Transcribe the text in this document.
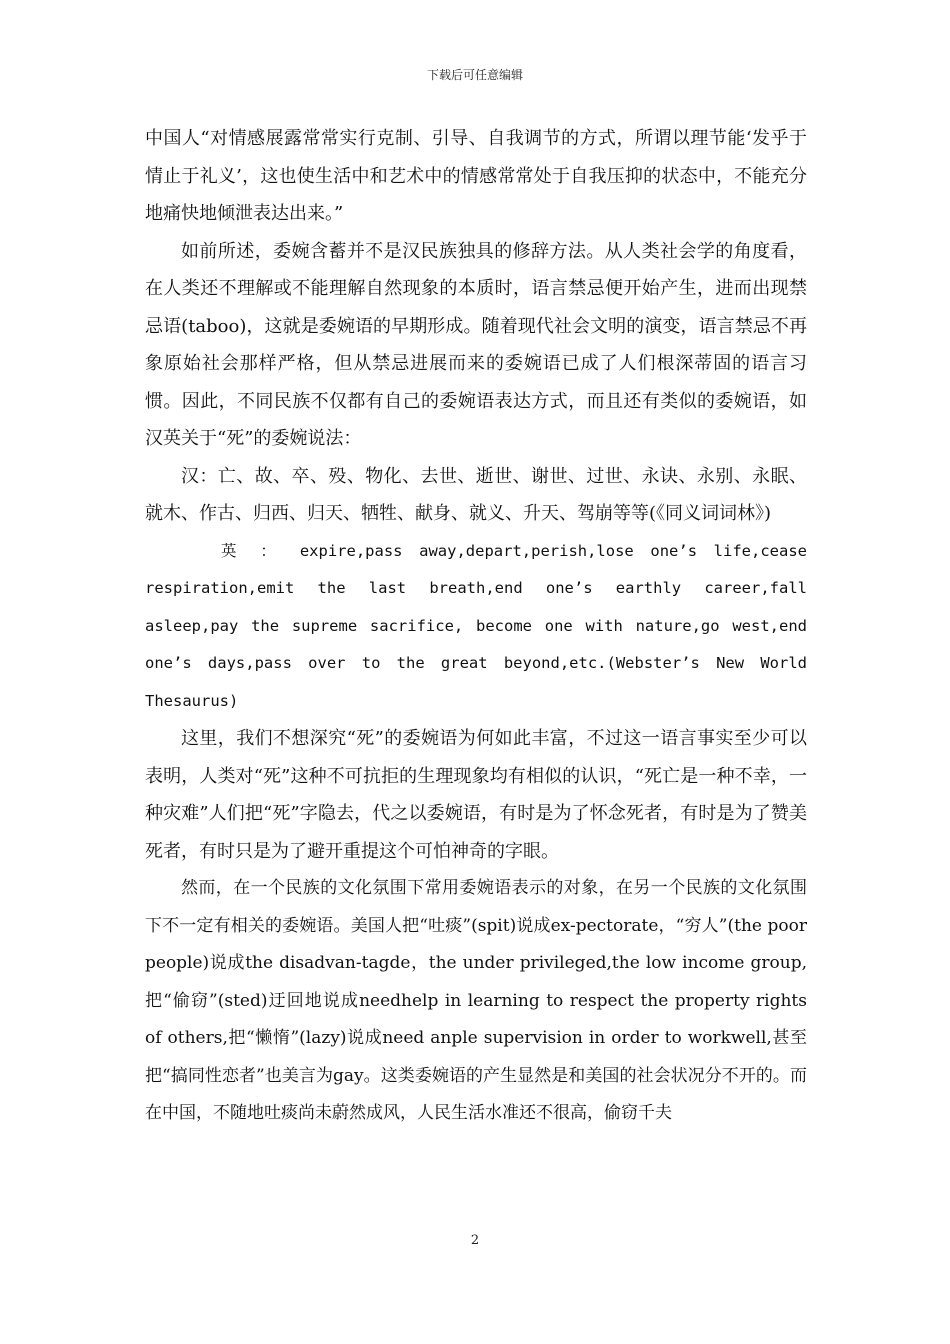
下载后可任意编辑

中国人“对情感展露常常实行克制、引导、自我调节的方式，所谓以理节能‘发乎于情止于礼义’，这也使生活中和艺术中的情感常常处于自我压抑的状态中，不能充分地痛快地倾泄表达出来。”

如前所述，委婉含蓄并不是汉民族独具的修辞方法。从人类社会学的角度看，在人类还不理解或不能理解自然现象的本质时，语言禁忌便开始产生，进而出现禁忌语(taboo)，这就是委婉语的早期形成。随着现代社会文明的演变，语言禁忌不再象原始社会那样严格，但从禁忌进展而来的委婉语已成了人们根深蒂固的语言习惯。因此，不同民族不仅都有自己的委婉语表达方式，而且还有类似的委婉语，如汉英关于“死”的委婉说法：

汉：亡、故、卒、殁、物化、去世、逝世、谢世、过世、永诀、永别、永眠、就木、作古、归西、归天、牺牲、献身、就义、升天、驾崩等等(《同义词词林》)

英 ： expire,pass away,depart,perish,lose one’s life,cease respiration,emit the last breath,end one’s earthly career,fall asleep,pay the supreme sacrifice, become one with nature,go west,end one’s days,pass over to the great beyond,etc.(Webster’s New World Thesaurus)

这里，我们不想深究“死”的委婉语为何如此丰富，不过这一语言事实至少可以表明，人类对“死”这种不可抗拒的生理现象均有相似的认识，“死亡是一种不幸，一种灾难”人们把“死”字隐去，代之以委婉语，有时是为了怀念死者，有时是为了赞美死者，有时只是为了避开重提这个可怕神奇的字眼。

然而，在一个民族的文化氛围下常用委婉语表示的对象，在另一个民族的文化氛围下不一定有相关的委婉语。美国人把“吐痰”(spit)说成ex-pectorate，“穷人”(the poor people)说成the disadvan-tagde，the under privileged,the low income group,把“偷窃”(sted)迂回地说成needhelp in learning to respect the property rights of others,把“懒惰”(lazy)说成need anple supervision in order to workwell,甚至把“搞同性恋者”也美言为gay。这类委婉语的产生显然是和美国的社会状况分不开的。而在中国，不随地吐痰尚未蔚然成风，人民生活水准还不很高，偷窃千夫

2
